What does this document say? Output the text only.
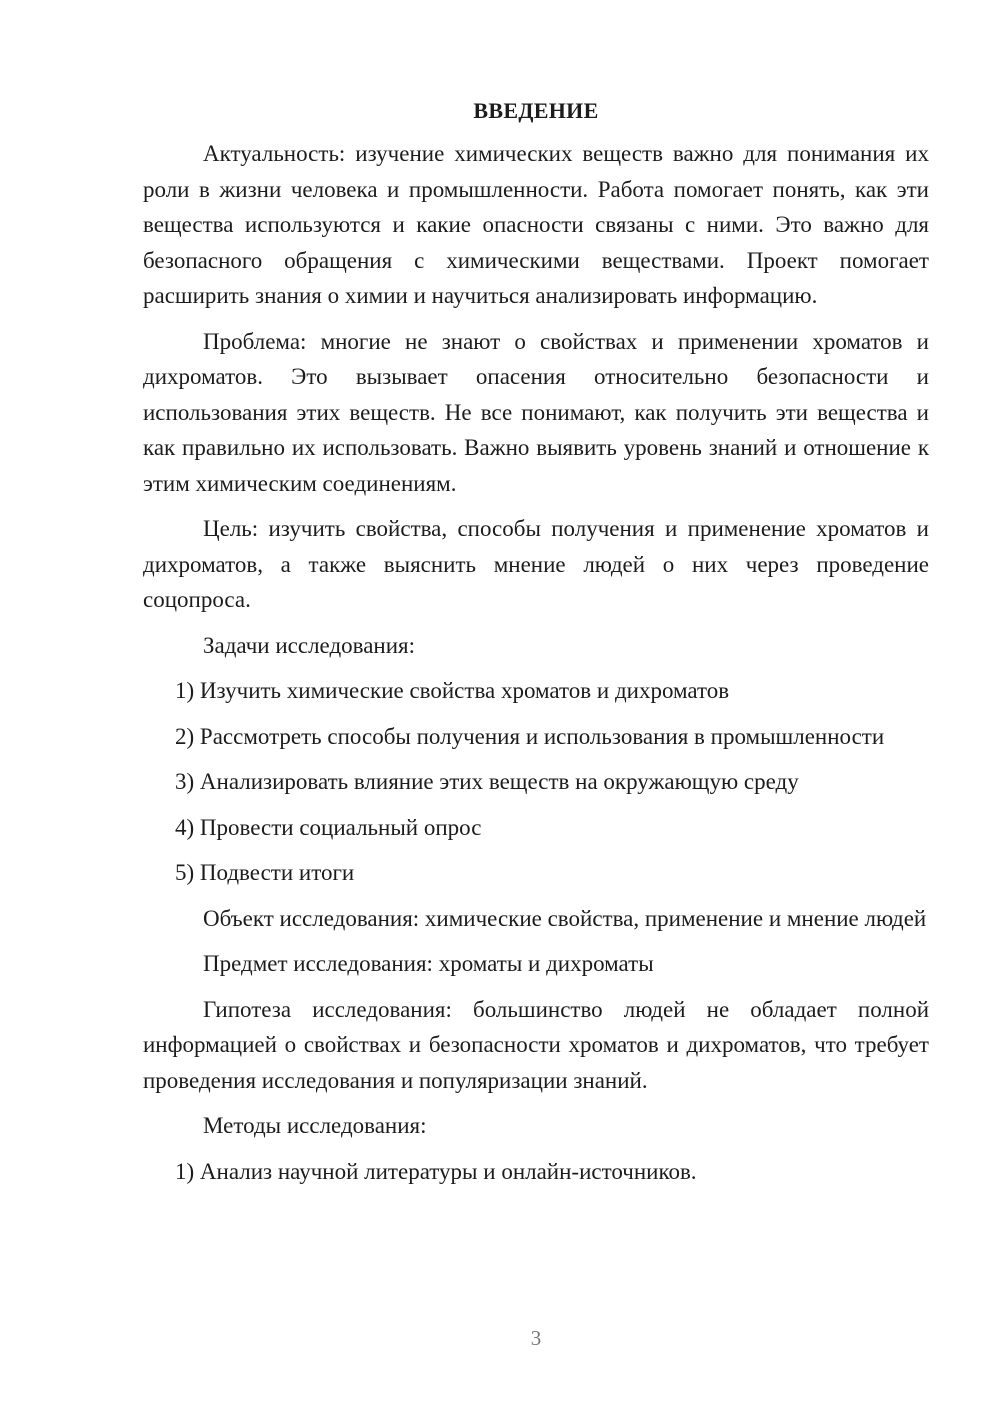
ВВЕДЕНИЕ

Актуальность: изучение химических веществ важно для понимания их роли в жизни человека и промышленности. Работа помогает понять, как эти вещества используются и какие опасности связаны с ними. Это важно для безопасного обращения с химическими веществами. Проект помогает расширить знания о химии и научиться анализировать информацию.

Проблема: многие не знают о свойствах и применении хроматов и дихроматов. Это вызывает опасения относительно безопасности и использования этих веществ. Не все понимают, как получить эти вещества и как правильно их использовать. Важно выявить уровень знаний и отношение к этим химическим соединениям.

Цель: изучить свойства, способы получения и применение хроматов и дихроматов, а также выяснить мнение людей о них через проведение соцопроса.

Задачи исследования:

1) Изучить химические свойства хроматов и дихроматов

2) Рассмотреть способы получения и использования в промышленности

3) Анализировать влияние этих веществ на окружающую среду

4) Провести социальный опрос

5) Подвести итоги

Объект исследования: химические свойства, применение и мнение людей

Предмет исследования: хроматы и дихроматы

Гипотеза исследования: большинство людей не обладает полной информацией о свойствах и безопасности хроматов и дихроматов, что требует проведения исследования и популяризации знаний.

Методы исследования:

1) Анализ научной литературы и онлайн-источников.

3
